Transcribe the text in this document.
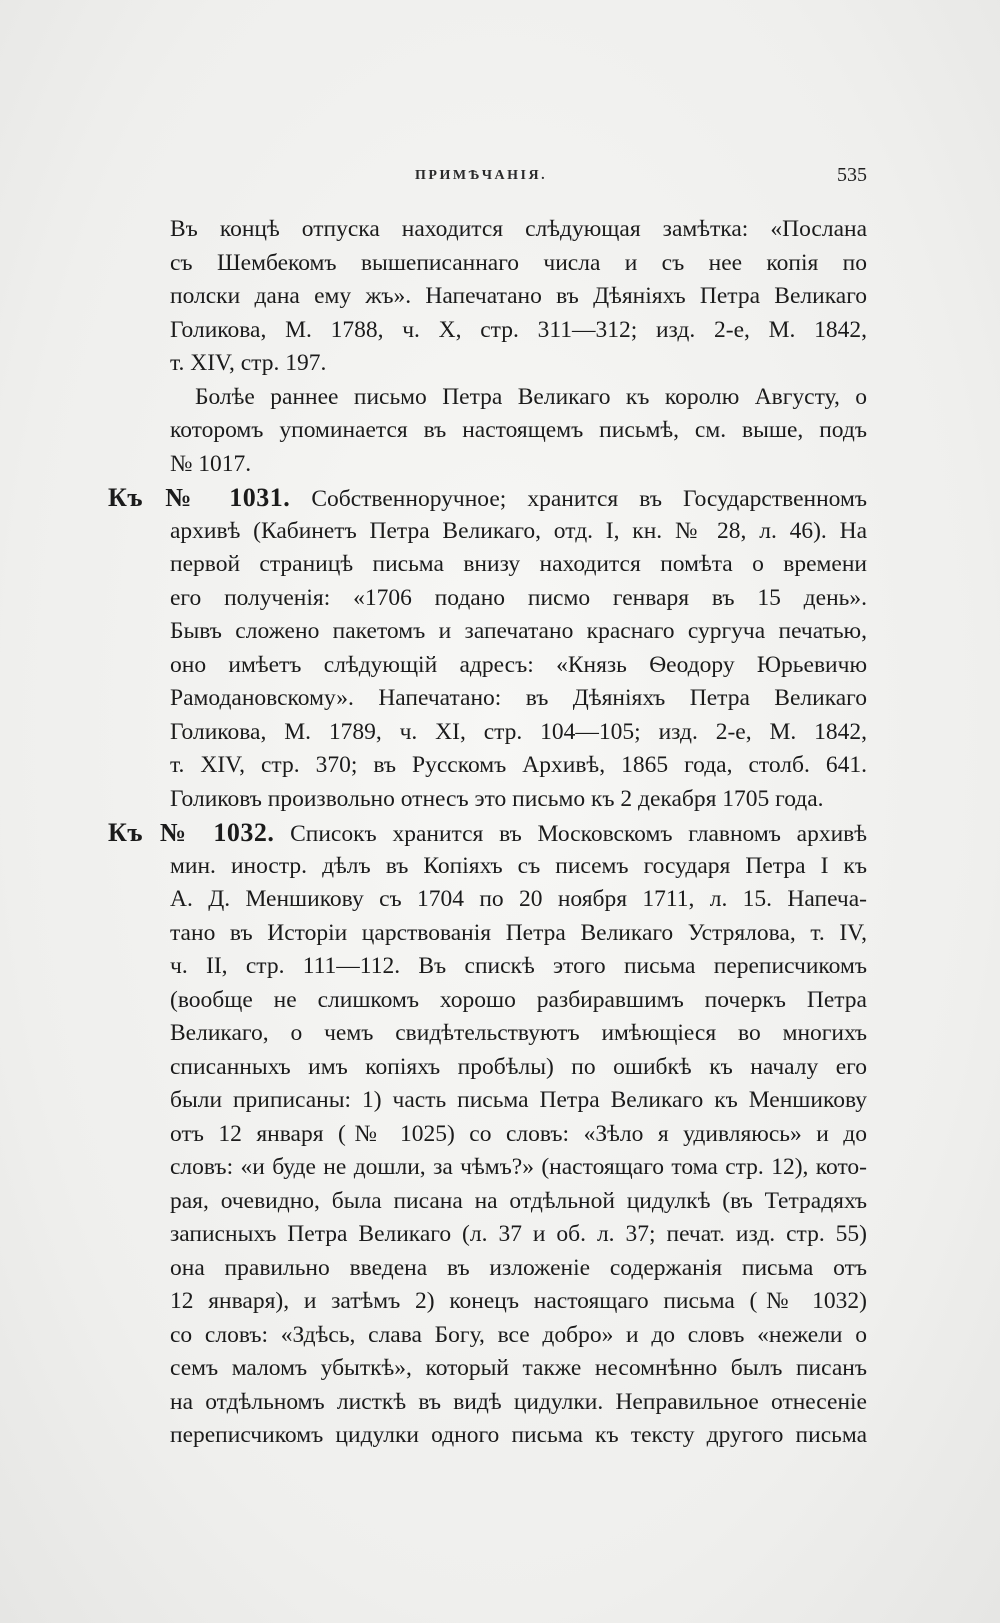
ПРИМѢЧАНІЯ.	535
Въ концѣ отпуска находится слѣдующая замѣтка: «Послана
съ Шембекомъ вышеписаннаго числа и съ нее копія по
полски дана ему жъ». Напечатано въ Дѣяніяхъ Петра Великаго
Голикова, М. 1788, ч. X, стр. 311—312; изд. 2-е, М. 1842,
т. XIV, стр. 197.
Болѣе раннее письмо Петра Великаго къ королю Августу, о
которомъ упоминается въ настоящемъ письмѣ, см. выше, подъ
№ 1017.
Къ № 1031. Собственноручное; хранится въ Государственномъ
архивѣ (Кабинетъ Петра Великаго, отд. I, кн. № 28, л. 46). На
первой страницѣ письма внизу находится помѣта о времени
его полученія: «1706 подано писмо генваря въ 15 день».
Бывъ сложено пакетомъ и запечатано краснаго сургуча печатью,
оно имѣетъ слѣдующій адресъ: «Князь Ѳеодору Юрьевичю
Рамодановскому». Напечатано: въ Дѣяніяхъ Петра Великаго
Голикова, М. 1789, ч. XI, стр. 104—105; изд. 2-е, М. 1842,
т. XIV, стр. 370; въ Русскомъ Архивѣ, 1865 года, столб. 641.
Голиковъ произвольно отнесъ это письмо къ 2 декабря 1705 года.
Къ № 1032. Списокъ хранится въ Московскомъ главномъ архивѣ
мин. иностр. дѣлъ въ Копіяхъ съ писемъ государя Петра I къ
А. Д. Меншикову съ 1704 по 20 ноября 1711, л. 15. Напеча-
тано въ Исторіи царствованія Петра Великаго Устрялова, т. IV,
ч. II, стр. 111—112. Въ спискѣ этого письма переписчикомъ
(вообще не слишкомъ хорошо разбиравшимъ почеркъ Петра
Великаго, о чемъ свидѣтельствуютъ имѣющіеся во многихъ
списанныхъ имъ копіяхъ пробѣлы) по ошибкѣ къ началу его
были приписаны: 1) часть письма Петра Великаго къ Меншикову
отъ 12 января (№ 1025) со словъ: «Зѣло я удивляюсь» и до
словъ: «и буде не дошли, за чѣмъ?» (настоящаго тома стр. 12), кото-
рая, очевидно, была писана на отдѣльной цидулкѣ (въ Тетрадяхъ
записныхъ Петра Великаго (л. 37 и об. л. 37; печат. изд. стр. 55)
она правильно введена въ изложеніе содержанія письма отъ
12 января), и затѣмъ 2) конецъ настоящаго письма (№ 1032)
со словъ: «Здѣсь, слава Богу, все добро» и до словъ «нежели о
семъ маломъ убыткѣ», который также несомнѣнно былъ писанъ
на отдѣльномъ листкѣ въ видѣ цидулки. Неправильное отнесеніе
переписчикомъ цидулки одного письма къ тексту другого письма
